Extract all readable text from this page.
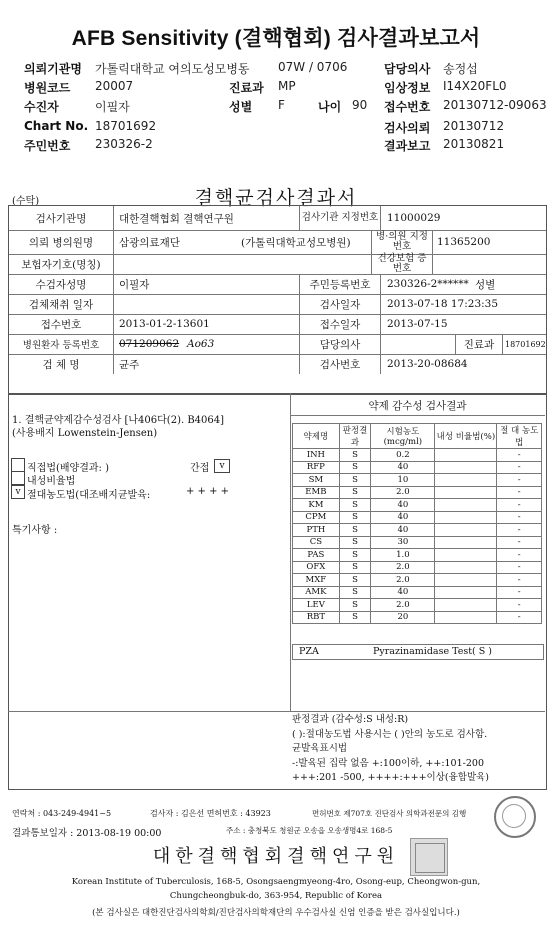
AFB Sensitivity (결핵협회) 검사결과보고서
의뢰기관명 가톨릭대학교 여의도성모병동 07W / 0706	담당의사 송정섭
병원코드 20007	진료과 MP	임상정보 I14X20FL0
수진자	이필자	성별 F	나이 90 접수번호 20130712-09063
Chart No. 18701692	검사의뢰 20130712
주민번호 230326-2	결과보고 20130821
(수탁)	결핵균검사결과서
검사기관명	대한결핵협회 결핵연구원	검사기관 지정번호 11000029
의뢰 병의원명	삼광의료재단	(가톨릭대학교성모병원)	병·의원 지정번호	11365200
보험자기호(명칭)	건강보험 증 번호
수검자성명	이필자	주민등록번호	230326-2****** 성별
검체채취 일자	검사일자	2013-07-18 17:23:35
접수번호	2013-01-2-13601	접수일자	2013-07-15
병원환자 등록번호	071209062 Ao63	담당의사	진료과	18701692
검 체 명	균주	검사번호	2013-20-08684
1. 결핵균약제감수성검사 [나406다(2). B4064]
(사용배지 Lowenstein-Jensen)
직접법(배양결과: )	간접	v
내성비율법
v 절대농도법(대조배지균발육:	+ + + +
특기사항 :
약제 감수성 검사결과
약제명	판정결과	시험농도 (mcg/ml)	내성 비율범(%)	절 대 농도법
INH	S	0.2		-
RFP	S	40		-
SM	S	10		-
EMB	S	2.0		-
KM	S	40		-
CPM	S	40		-
PTH	S	40		-
CS	S	30		-
PAS	S	1.0		-
OFX	S	2.0		-
MXF	S	2.0		-
AMK	S	40		-
LEV	S	2.0		-
RBT	S	20		-
PZA	Pyrazinamidase Test( S )
판정결과 (감수성:S 내성:R)
( ):절대농도법 사용시는 ( )안의 농도로 검사함.
균발육표시법
-:발육된 집락 없음 +:100이하, ++:101-200
+++:201 -500, ++++:+++이상(융합발육)
연락처 : 043-249-4941~5	검사자 : 김은선 면허번호 : 43923	면허번호 제707호 진단검사 의학과전문의 김행
결과통보일자 : 2013-08-19 00:00	주소 : 충청북도 청원군 오송읍 오송생명4로 168-5
대한결핵협회결핵연구원
Korean Institute of Tuberculosis, 168-5, Osongsaengmyeong-4ro, Osong-eup, Cheongwon-gun,
Chungcheongbuk-do, 363-954, Republic of Korea
(본 검사실은 대한진단검사의학회/진단검사의학재단의 우수검사실 신엄 인증을 받은 검사실입니다.)
